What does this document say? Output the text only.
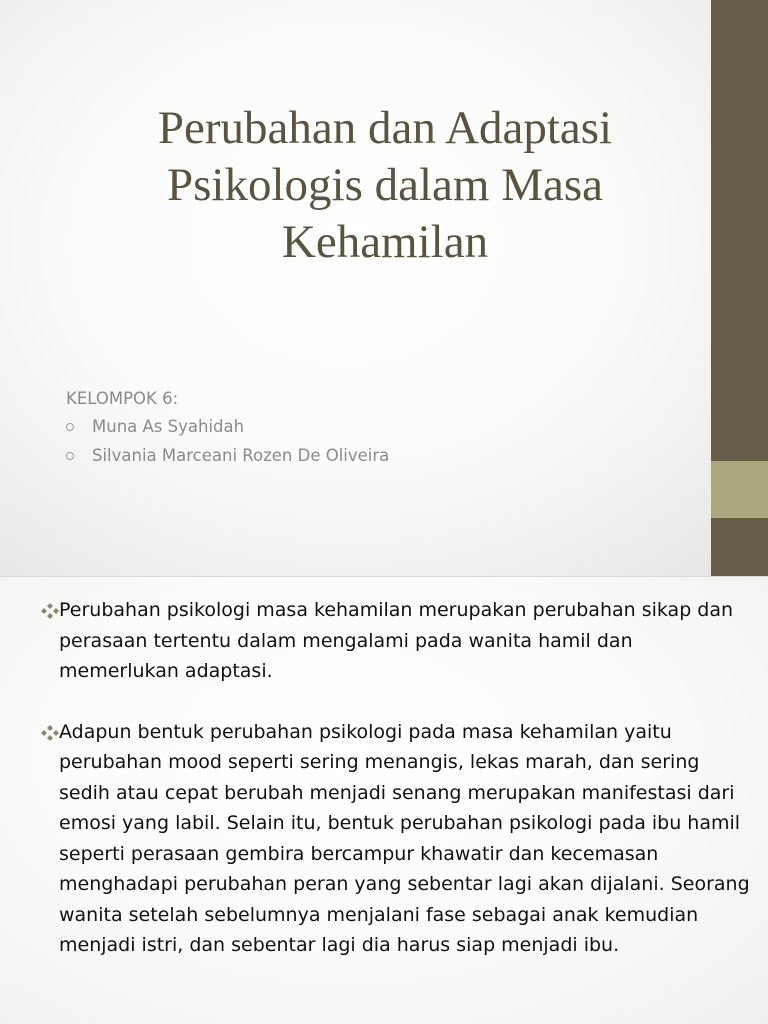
Perubahan dan Adaptasi
Psikologis dalam Masa
Kehamilan
KELOMPOK 6:
Muna As Syahidah
Silvania Marceani Rozen De Oliveira

Perubahan psikologi masa kehamilan merupakan perubahan sikap dan perasaan tertentu dalam mengalami pada wanita hamil dan memerlukan adaptasi.

Adapun bentuk perubahan psikologi pada masa kehamilan yaitu perubahan mood seperti sering menangis, lekas marah, dan sering sedih atau cepat berubah menjadi senang merupakan manifestasi dari emosi yang labil. Selain itu, bentuk perubahan psikologi pada ibu hamil seperti perasaan gembira bercampur khawatir dan kecemasan menghadapi perubahan peran yang sebentar lagi akan dijalani. Seorang wanita setelah sebelumnya menjalani fase sebagai anak kemudian menjadi istri, dan sebentar lagi dia harus siap menjadi ibu.
